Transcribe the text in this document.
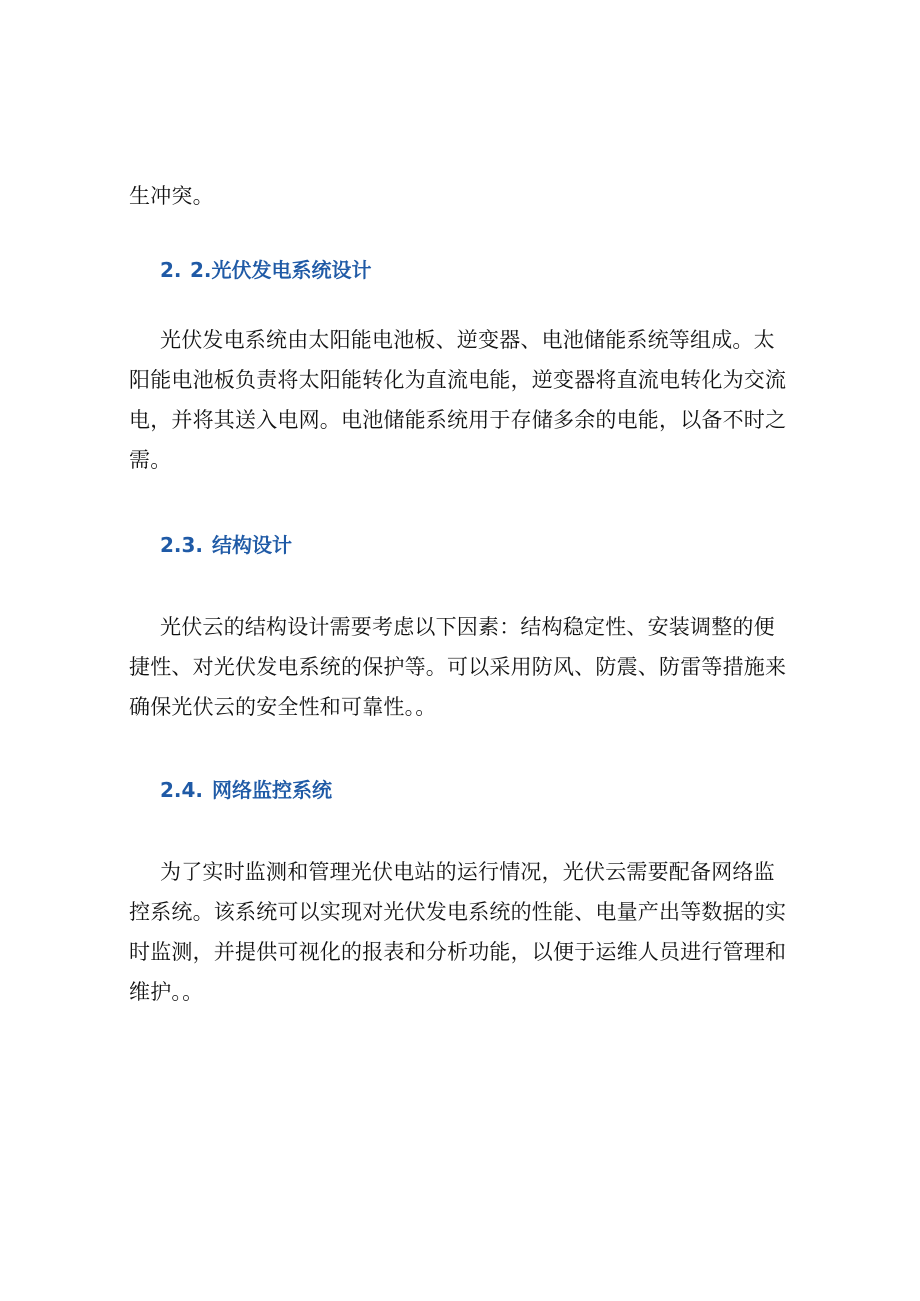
生冲突。

2. 2.光伏发电系统设计

光伏发电系统由太阳能电池板、逆变器、电池储能系统等组成。太
阳能电池板负责将太阳能转化为直流电能，逆变器将直流电转化为交流
电，并将其送入电网。电池储能系统用于存储多余的电能，以备不时之
需。

2.3. 结构设计

光伏云的结构设计需要考虑以下因素：结构稳定性、安装调整的便
捷性、对光伏发电系统的保护等。可以采用防风、防震、防雷等措施来
确保光伏云的安全性和可靠性。。

2.4. 网络监控系统

为了实时监测和管理光伏电站的运行情况，光伏云需要配备网络监
控系统。该系统可以实现对光伏发电系统的性能、电量产出等数据的实
时监测，并提供可视化的报表和分析功能，以便于运维人员进行管理和
维护。。
